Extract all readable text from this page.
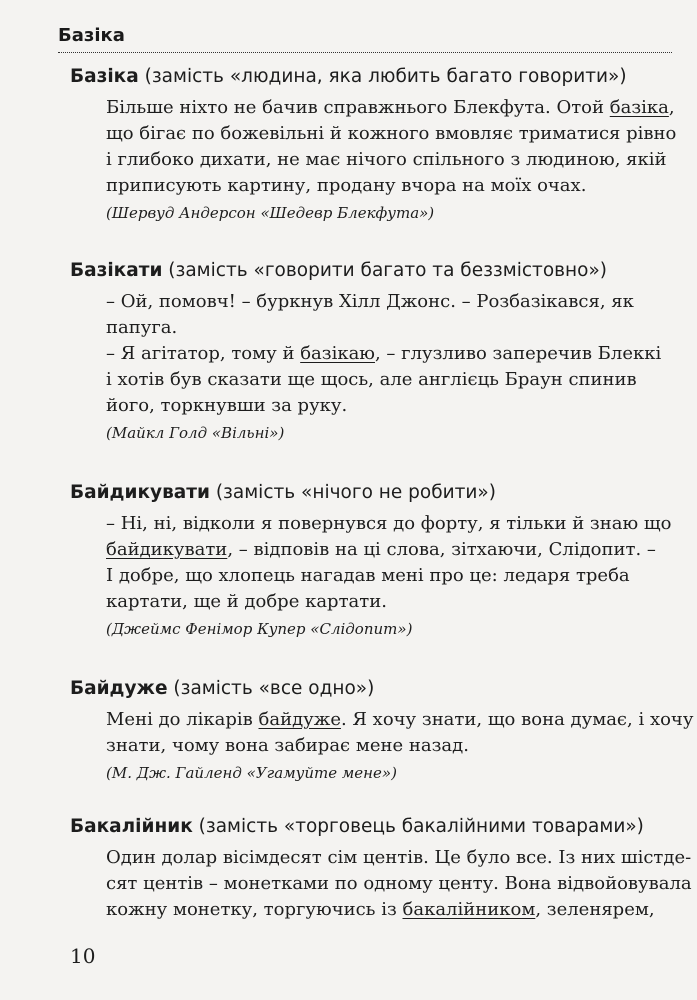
Базіка
Базіка (замість «людина, яка любить багато говорити»)
Більше ніхто не бачив справжнього Блекфута. Отой базіка,
що бігає по божевільні й кожного вмовляє триматися рівно
і глибоко дихати, не має нічого спільного з людиною, якій
приписують картину, продану вчора на моїх очах.
(Шервуд Андерсон «Шедевр Блекфута»)
Базікати (замість «говорити багато та беззмістовно»)
– Ой, помовч! – буркнув Хілл Джонс. – Розбазікався, як
папуга.
– Я агітатор, тому й базікаю, – глузливо заперечив Блеккі
і хотів був сказати ще щось, але англієць Браун спинив
його, торкнувши за руку.
(Майкл Голд «Вільні»)
Байдикувати (замість «нічого не робити»)
– Ні, ні, відколи я повернувся до форту, я тільки й знаю що
байдикувати, – відповів на ці слова, зітхаючи, Слідопит. –
І добре, що хлопець нагадав мені про це: ледаря треба
картати, ще й добре картати.
(Джеймс Фенімор Купер «Слідопит»)
Байдуже (замість «все одно»)
Мені до лікарів байдуже. Я хочу знати, що вона думає, і хочу
знати, чому вона забирає мене назад.
(М. Дж. Гайленд «Угамуйте мене»)
Бакалійник (замість «торговець бакалійними товарами»)
Один долар вісімдесят сім центів. Це було все. Із них шістде-
сят центів – монетками по одному центу. Вона відвойовувала
кожну монетку, торгуючись із бакалійником, зеленярем,
10
